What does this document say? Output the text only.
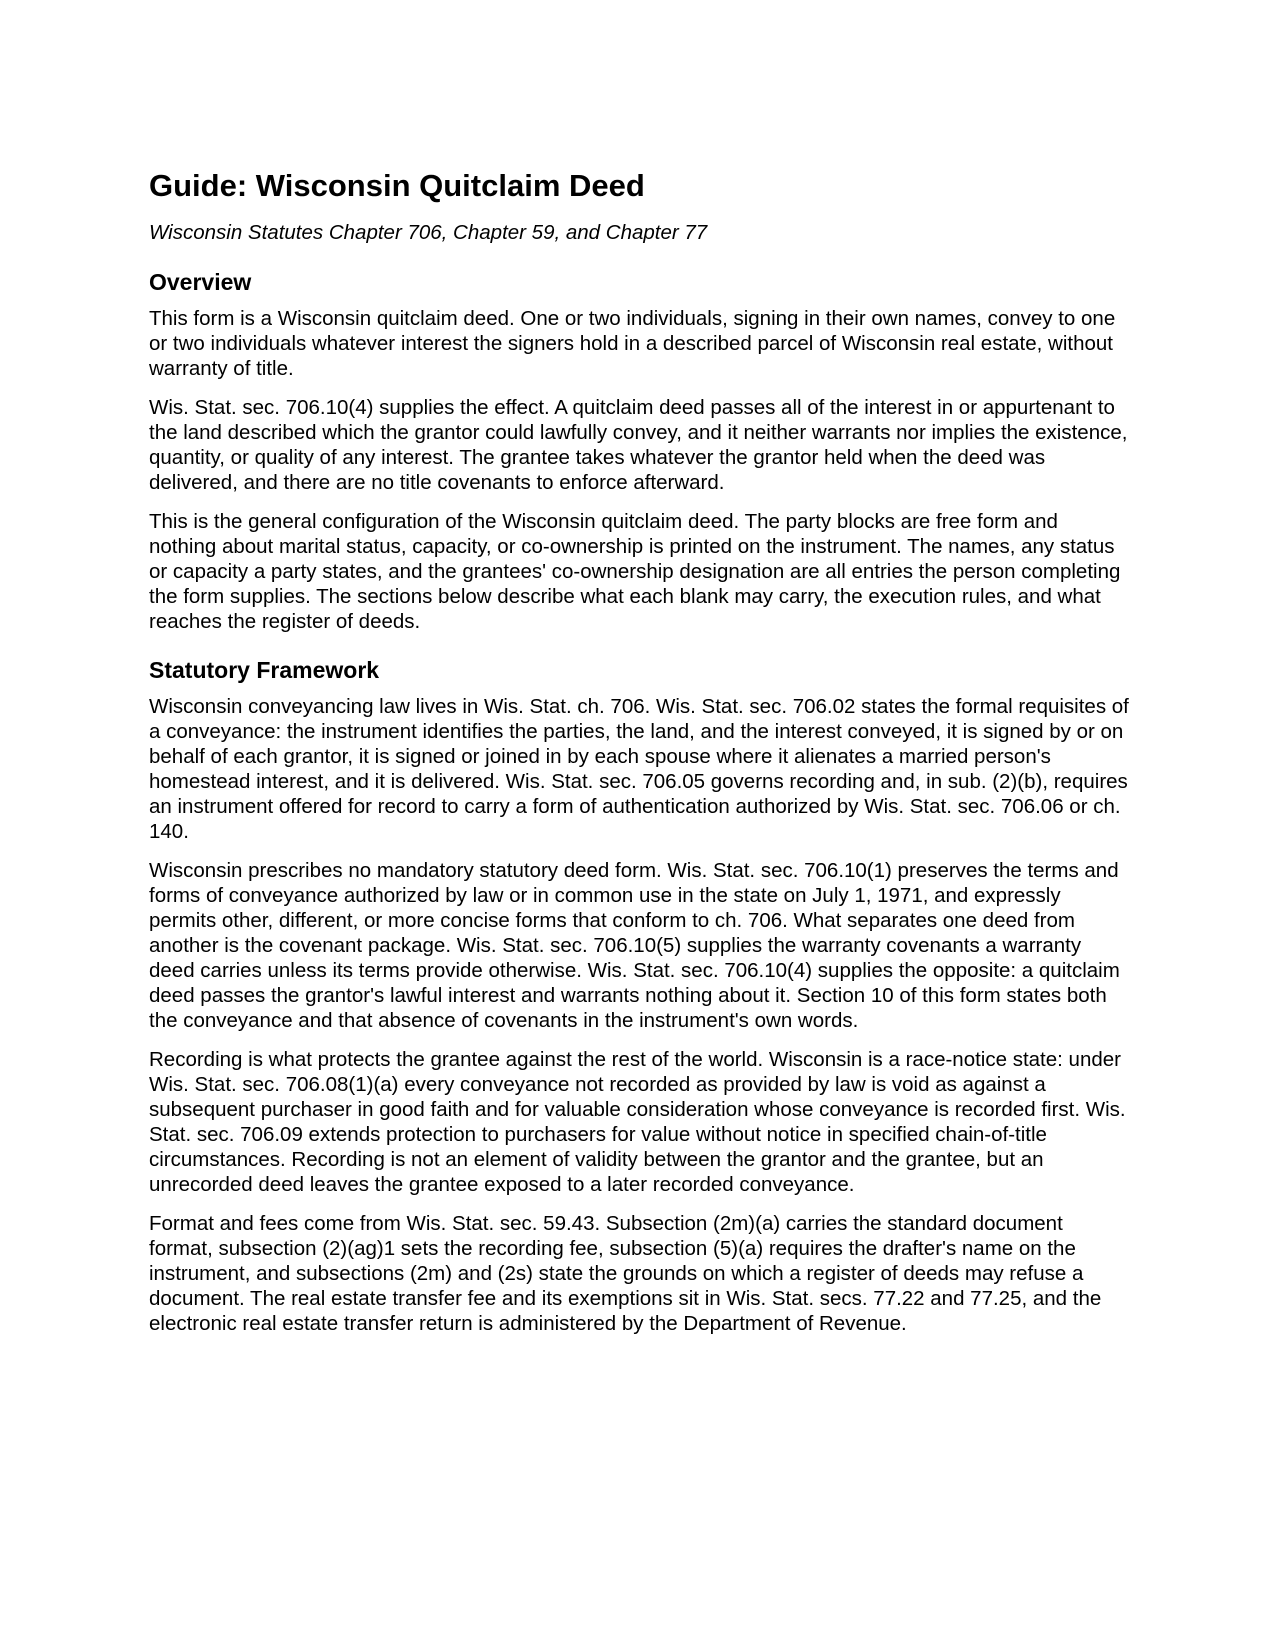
Guide: Wisconsin Quitclaim Deed
Wisconsin Statutes Chapter 706, Chapter 59, and Chapter 77
Overview

This form is a Wisconsin quitclaim deed. One or two individuals, signing in their own names, convey to one or two individuals whatever interest the signers hold in a described parcel of Wisconsin real estate, without warranty of title.

Wis. Stat. sec. 706.10(4) supplies the effect. A quitclaim deed passes all of the interest in or appurtenant to the land described which the grantor could lawfully convey, and it neither warrants nor implies the existence, quantity, or quality of any interest. The grantee takes whatever the grantor held when the deed was delivered, and there are no title covenants to enforce afterward.

This is the general configuration of the Wisconsin quitclaim deed. The party blocks are free form and nothing about marital status, capacity, or co-ownership is printed on the instrument. The names, any status or capacity a party states, and the grantees' co-ownership designation are all entries the person completing the form supplies. The sections below describe what each blank may carry, the execution rules, and what reaches the register of deeds.

Statutory Framework

Wisconsin conveyancing law lives in Wis. Stat. ch. 706. Wis. Stat. sec. 706.02 states the formal requisites of a conveyance: the instrument identifies the parties, the land, and the interest conveyed, it is signed by or on behalf of each grantor, it is signed or joined in by each spouse where it alienates a married person's homestead interest, and it is delivered. Wis. Stat. sec. 706.05 governs recording and, in sub. (2)(b), requires an instrument offered for record to carry a form of authentication authorized by Wis. Stat. sec. 706.06 or ch. 140.

Wisconsin prescribes no mandatory statutory deed form. Wis. Stat. sec. 706.10(1) preserves the terms and forms of conveyance authorized by law or in common use in the state on July 1, 1971, and expressly permits other, different, or more concise forms that conform to ch. 706. What separates one deed from another is the covenant package. Wis. Stat. sec. 706.10(5) supplies the warranty covenants a warranty deed carries unless its terms provide otherwise. Wis. Stat. sec. 706.10(4) supplies the opposite: a quitclaim deed passes the grantor's lawful interest and warrants nothing about it. Section 10 of this form states both the conveyance and that absence of covenants in the instrument's own words.

Recording is what protects the grantee against the rest of the world. Wisconsin is a race-notice state: under Wis. Stat. sec. 706.08(1)(a) every conveyance not recorded as provided by law is void as against a subsequent purchaser in good faith and for valuable consideration whose conveyance is recorded first. Wis. Stat. sec. 706.09 extends protection to purchasers for value without notice in specified chain-of-title circumstances. Recording is not an element of validity between the grantor and the grantee, but an unrecorded deed leaves the grantee exposed to a later recorded conveyance.

Format and fees come from Wis. Stat. sec. 59.43. Subsection (2m)(a) carries the standard document format, subsection (2)(ag)1 sets the recording fee, subsection (5)(a) requires the drafter's name on the instrument, and subsections (2m) and (2s) state the grounds on which a register of deeds may refuse a document. The real estate transfer fee and its exemptions sit in Wis. Stat. secs. 77.22 and 77.25, and the electronic real estate transfer return is administered by the Department of Revenue.
